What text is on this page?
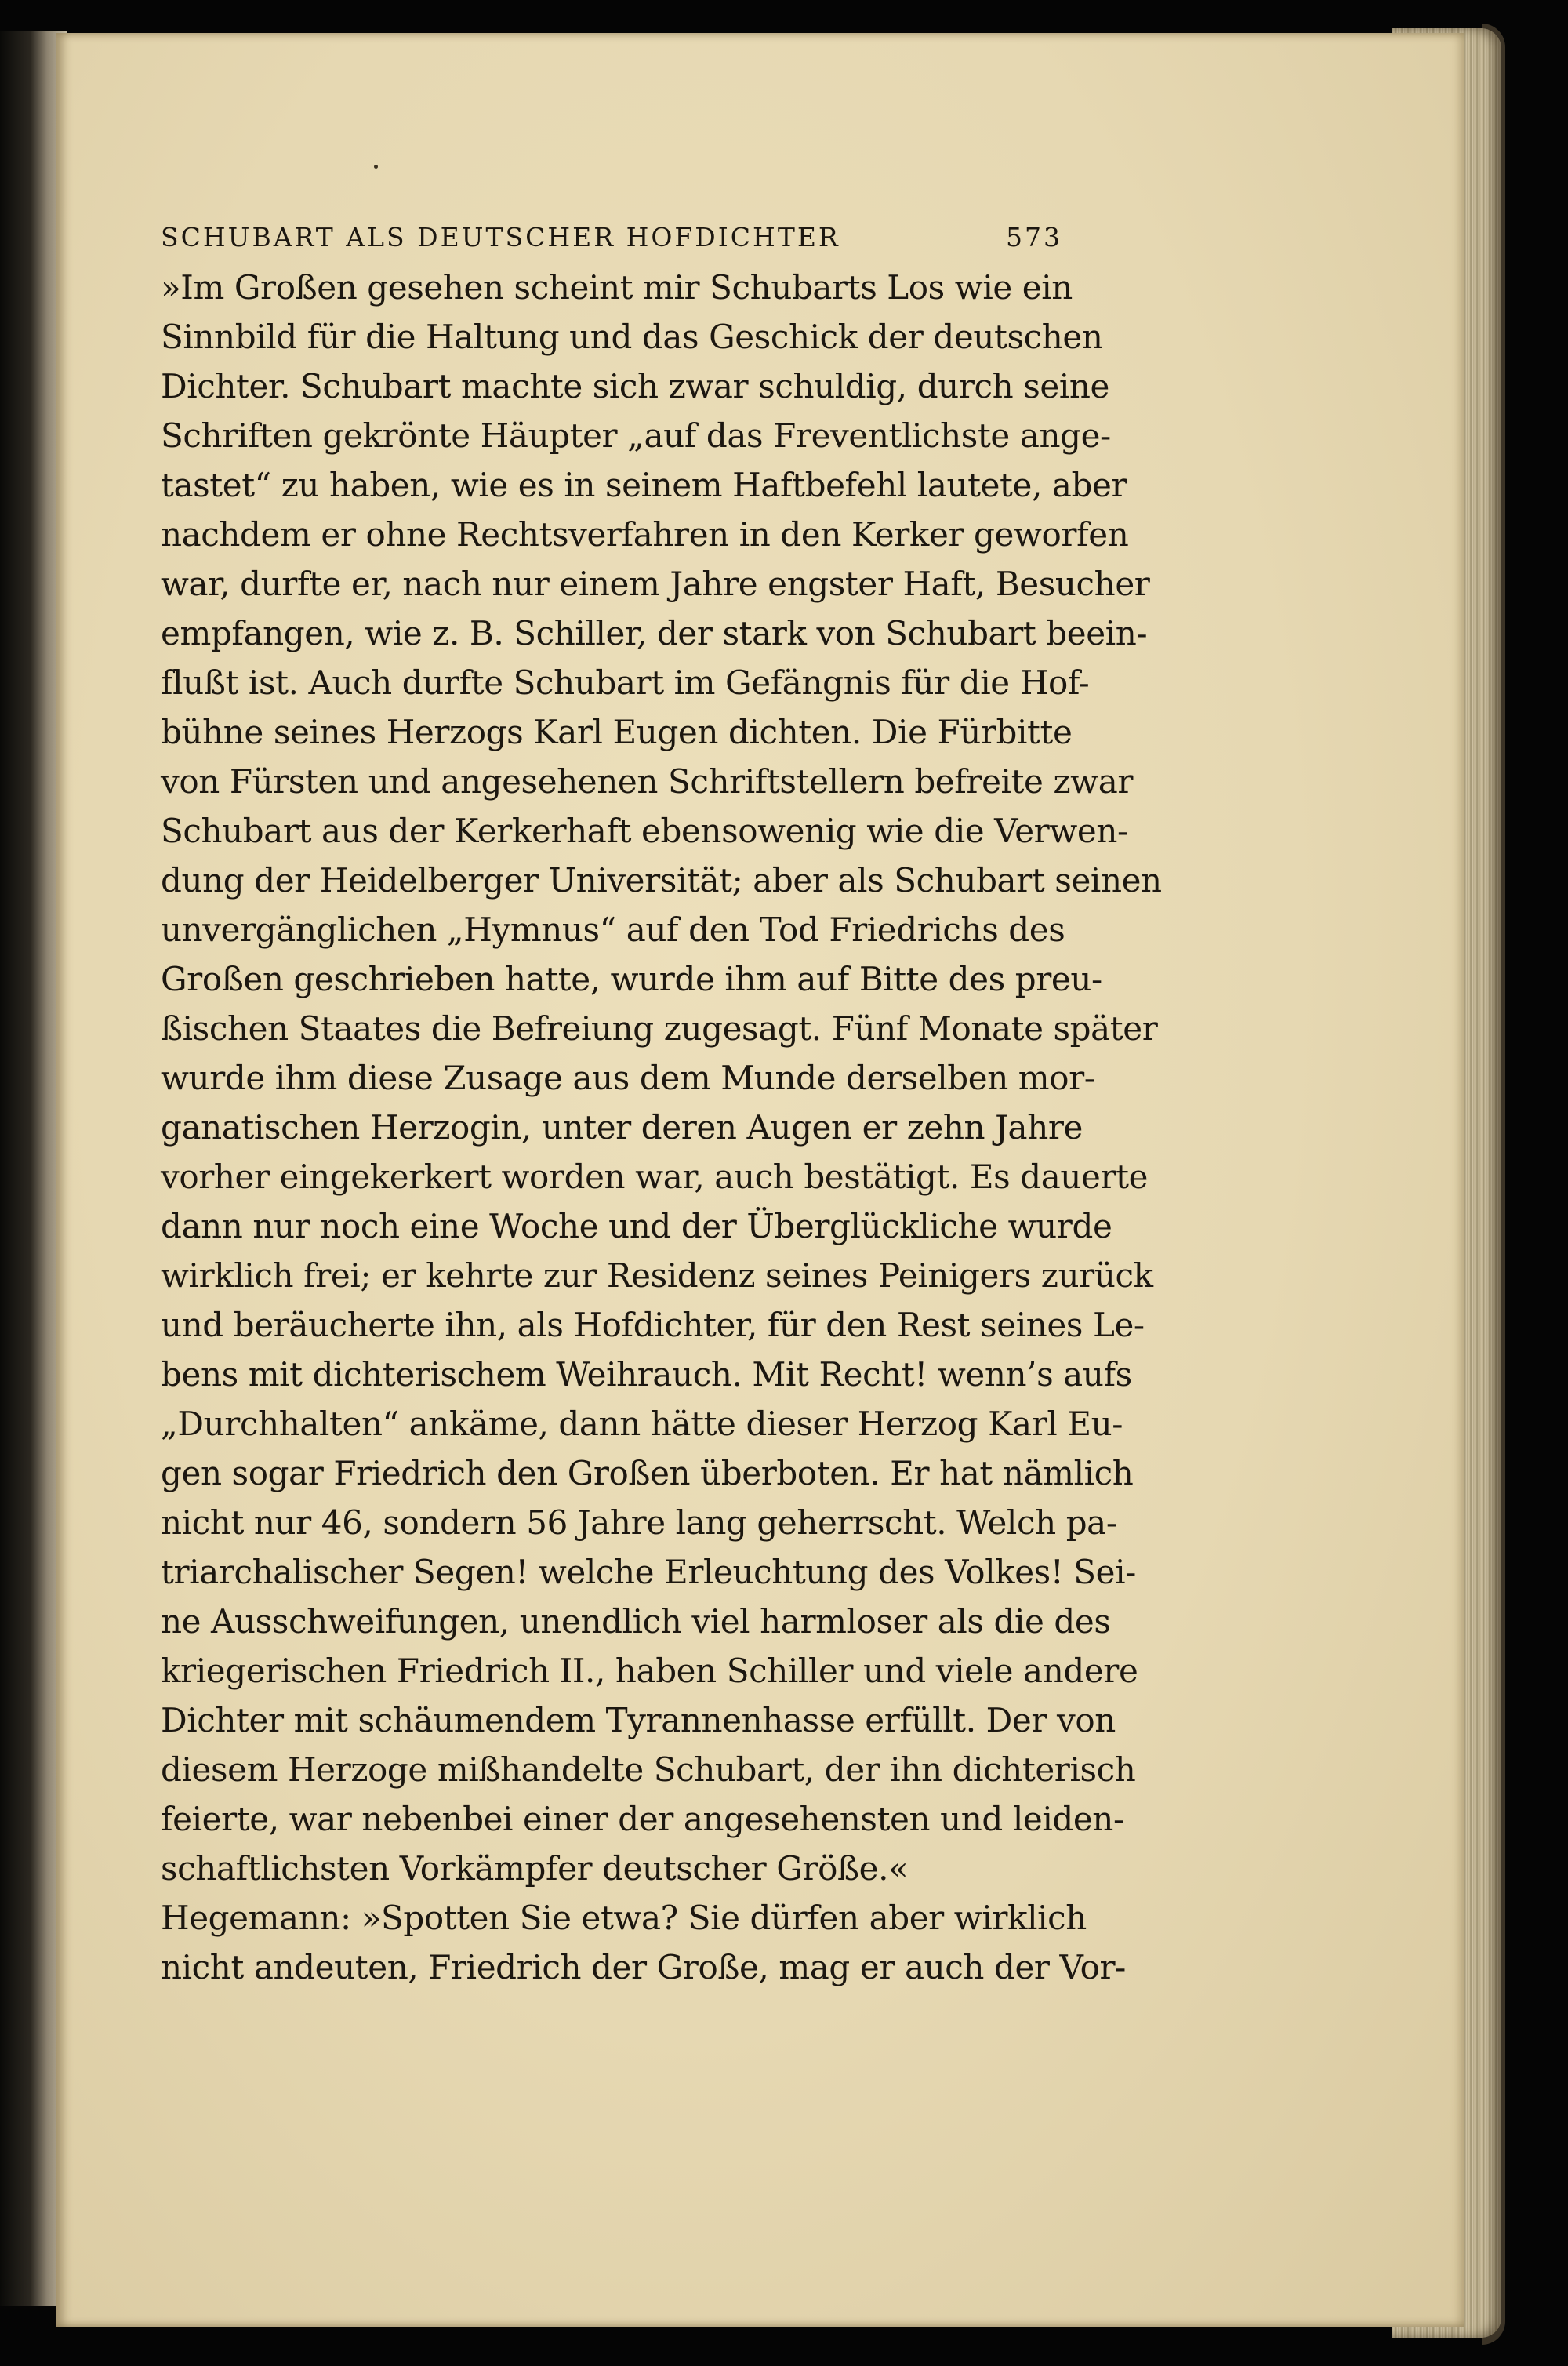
SCHUBART ALS DEUTSCHER HOFDICHTER	573
»Im Großen gesehen scheint mir Schubarts Los wie ein
Sinnbild für die Haltung und das Geschick der deutschen
Dichter. Schubart machte sich zwar schuldig, durch seine
Schriften gekrönte Häupter „auf das Freventlichste ange-
tastet“ zu haben, wie es in seinem Haftbefehl lautete, aber
nachdem er ohne Rechtsverfahren in den Kerker geworfen
war, durfte er, nach nur einem Jahre engster Haft, Besucher
empfangen, wie z. B. Schiller, der stark von Schubart beein-
flußt ist. Auch durfte Schubart im Gefängnis für die Hof-
bühne seines Herzogs Karl Eugen dichten. Die Fürbitte
von Fürsten und angesehenen Schriftstellern befreite zwar
Schubart aus der Kerkerhaft ebensowenig wie die Verwen-
dung der Heidelberger Universität; aber als Schubart seinen
unvergänglichen „Hymnus“ auf den Tod Friedrichs des
Großen geschrieben hatte, wurde ihm auf Bitte des preu-
ßischen Staates die Befreiung zugesagt. Fünf Monate später
wurde ihm diese Zusage aus dem Munde derselben mor-
ganatischen Herzogin, unter deren Augen er zehn Jahre
vorher eingekerkert worden war, auch bestätigt. Es dauerte
dann nur noch eine Woche und der Überglückliche wurde
wirklich frei; er kehrte zur Residenz seines Peinigers zurück
und beräucherte ihn, als Hofdichter, für den Rest seines Le-
bens mit dichterischem Weihrauch. Mit Recht! wenn’s aufs
„Durchhalten“ ankäme, dann hätte dieser Herzog Karl Eu-
gen sogar Friedrich den Großen überboten. Er hat nämlich
nicht nur 46, sondern 56 Jahre lang geherrscht. Welch pa-
triarchalischer Segen! welche Erleuchtung des Volkes! Sei-
ne Ausschweifungen, unendlich viel harmloser als die des
kriegerischen Friedrich II., haben Schiller und viele andere
Dichter mit schäumendem Tyrannenhasse erfüllt. Der von
diesem Herzoge mißhandelte Schubart, der ihn dichterisch
feierte, war nebenbei einer der angesehensten und leiden-
schaftlichsten Vorkämpfer deutscher Größe.«
Hegemann: »Spotten Sie etwa? Sie dürfen aber wirklich
nicht andeuten, Friedrich der Große, mag er auch der Vor-
